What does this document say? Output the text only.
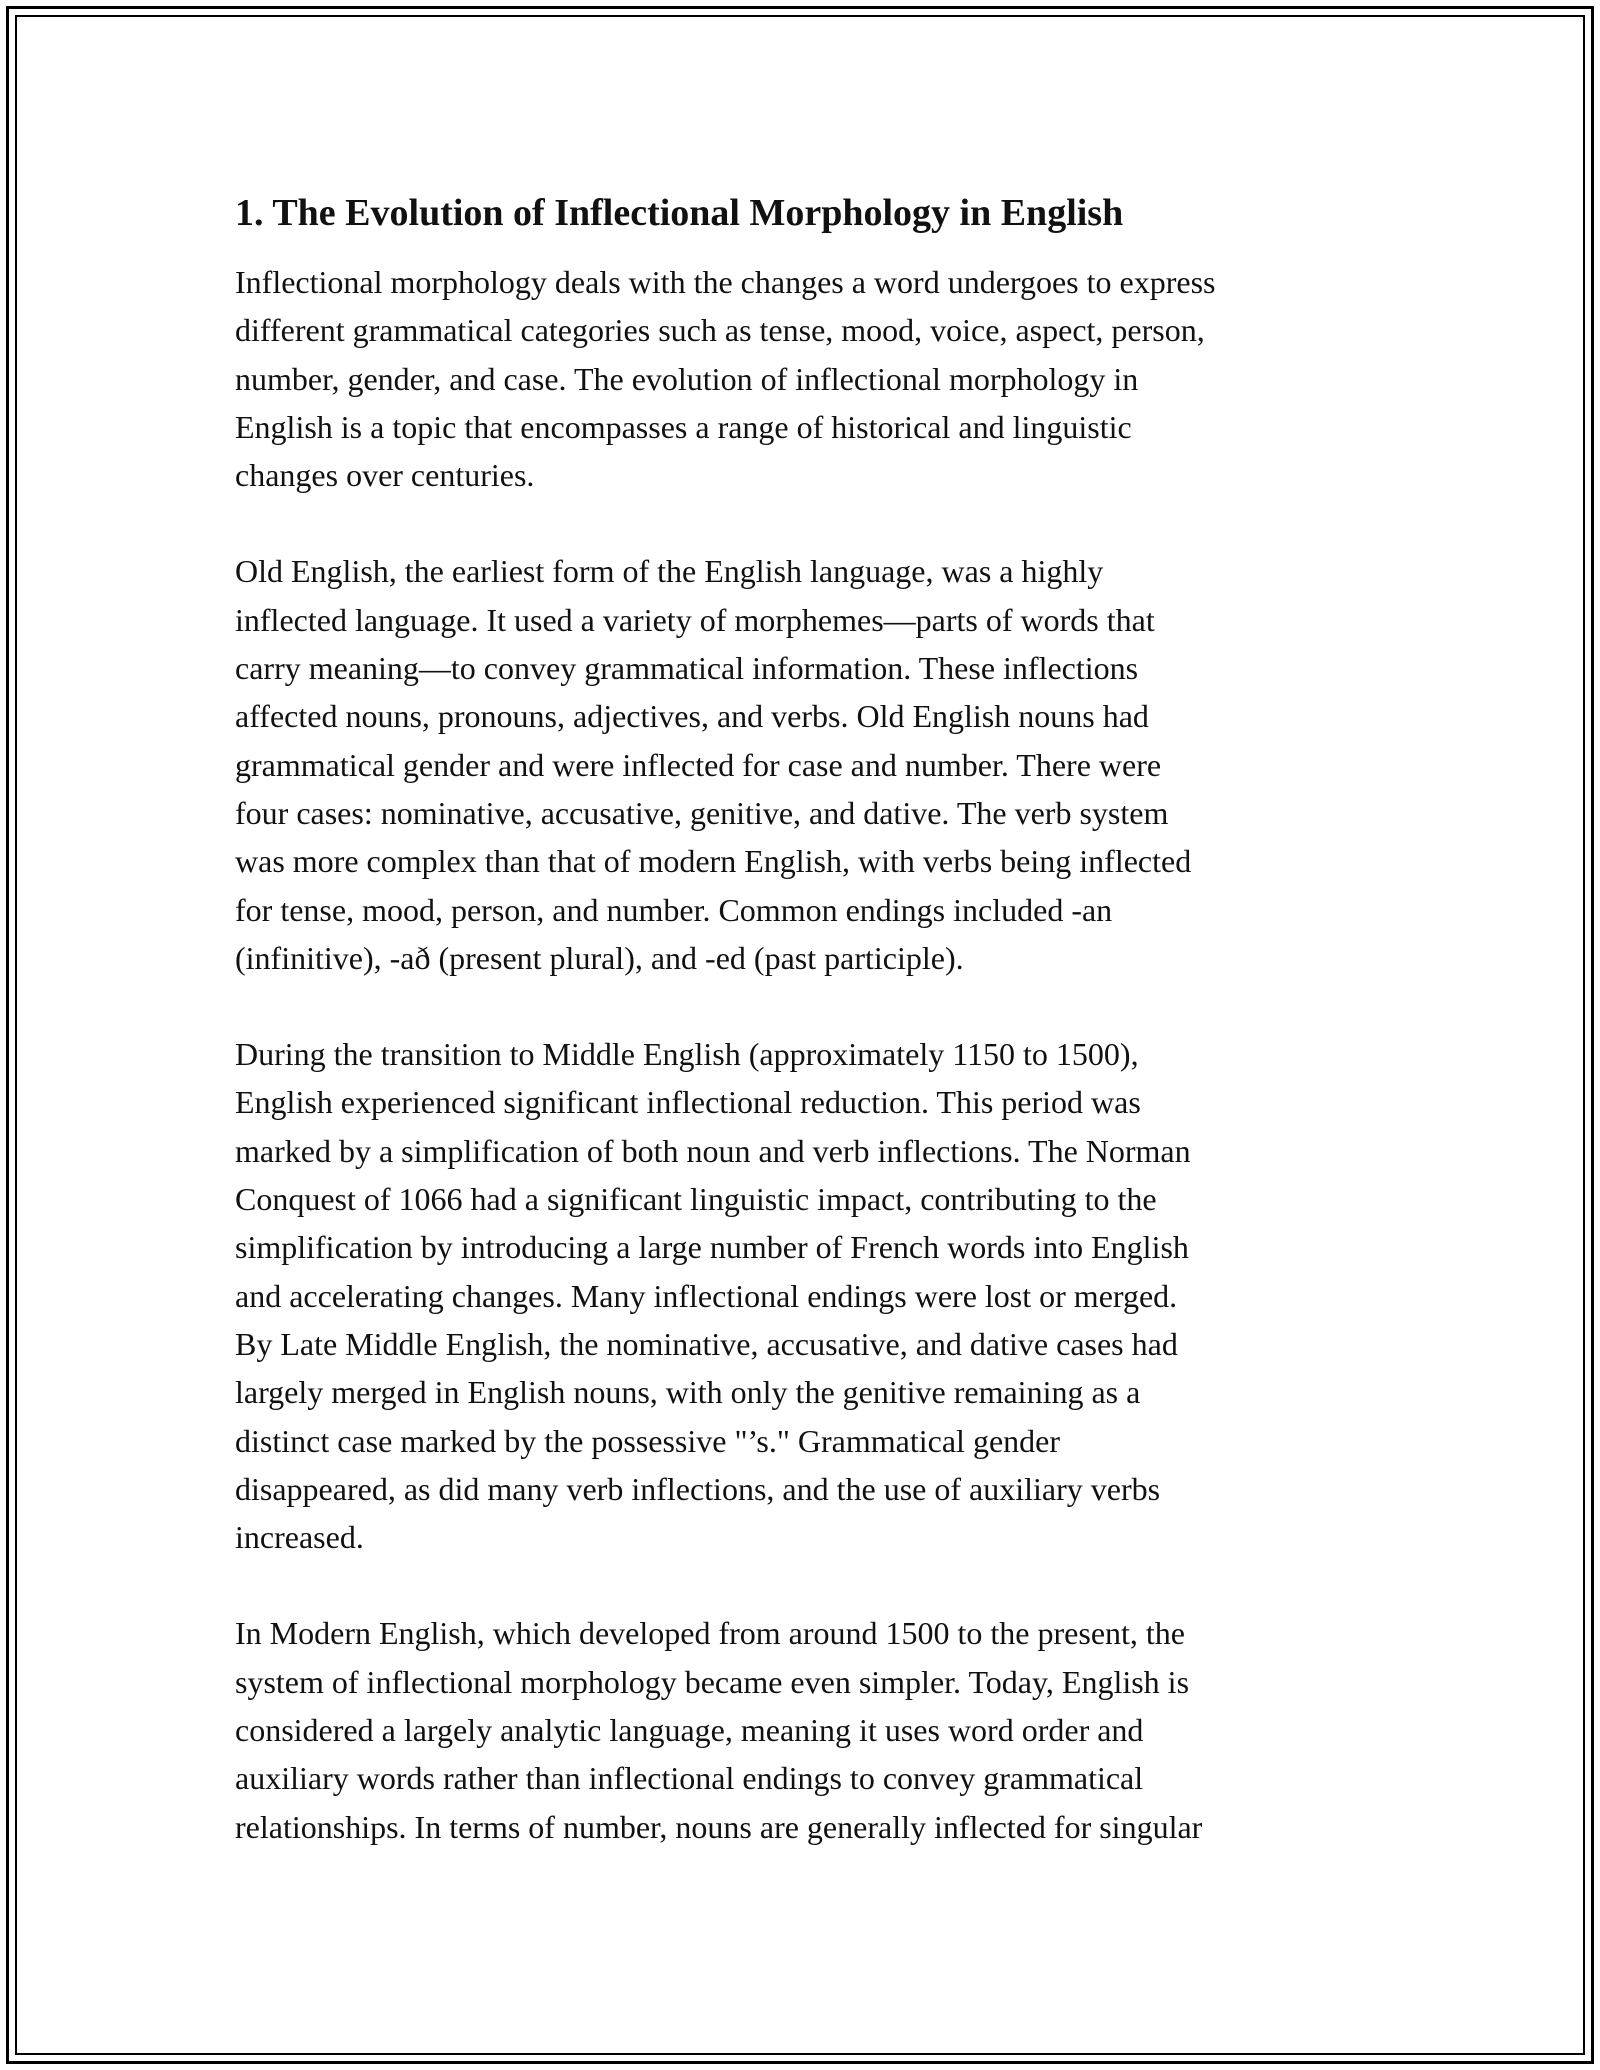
1. The Evolution of Inflectional Morphology in English
Inflectional morphology deals with the changes a word undergoes to express
different grammatical categories such as tense, mood, voice, aspect, person,
number, gender, and case. The evolution of inflectional morphology in
English is a topic that encompasses a range of historical and linguistic
changes over centuries.
Old English, the earliest form of the English language, was a highly
inflected language. It used a variety of morphemes—parts of words that
carry meaning—to convey grammatical information. These inflections
affected nouns, pronouns, adjectives, and verbs. Old English nouns had
grammatical gender and were inflected for case and number. There were
four cases: nominative, accusative, genitive, and dative. The verb system
was more complex than that of modern English, with verbs being inflected
for tense, mood, person, and number. Common endings included -an
(infinitive), -að (present plural), and -ed (past participle).
During the transition to Middle English (approximately 1150 to 1500),
English experienced significant inflectional reduction. This period was
marked by a simplification of both noun and verb inflections. The Norman
Conquest of 1066 had a significant linguistic impact, contributing to the
simplification by introducing a large number of French words into English
and accelerating changes. Many inflectional endings were lost or merged.
By Late Middle English, the nominative, accusative, and dative cases had
largely merged in English nouns, with only the genitive remaining as a
distinct case marked by the possessive "’s." Grammatical gender
disappeared, as did many verb inflections, and the use of auxiliary verbs
increased.
In Modern English, which developed from around 1500 to the present, the
system of inflectional morphology became even simpler. Today, English is
considered a largely analytic language, meaning it uses word order and
auxiliary words rather than inflectional endings to convey grammatical
relationships. In terms of number, nouns are generally inflected for singular
